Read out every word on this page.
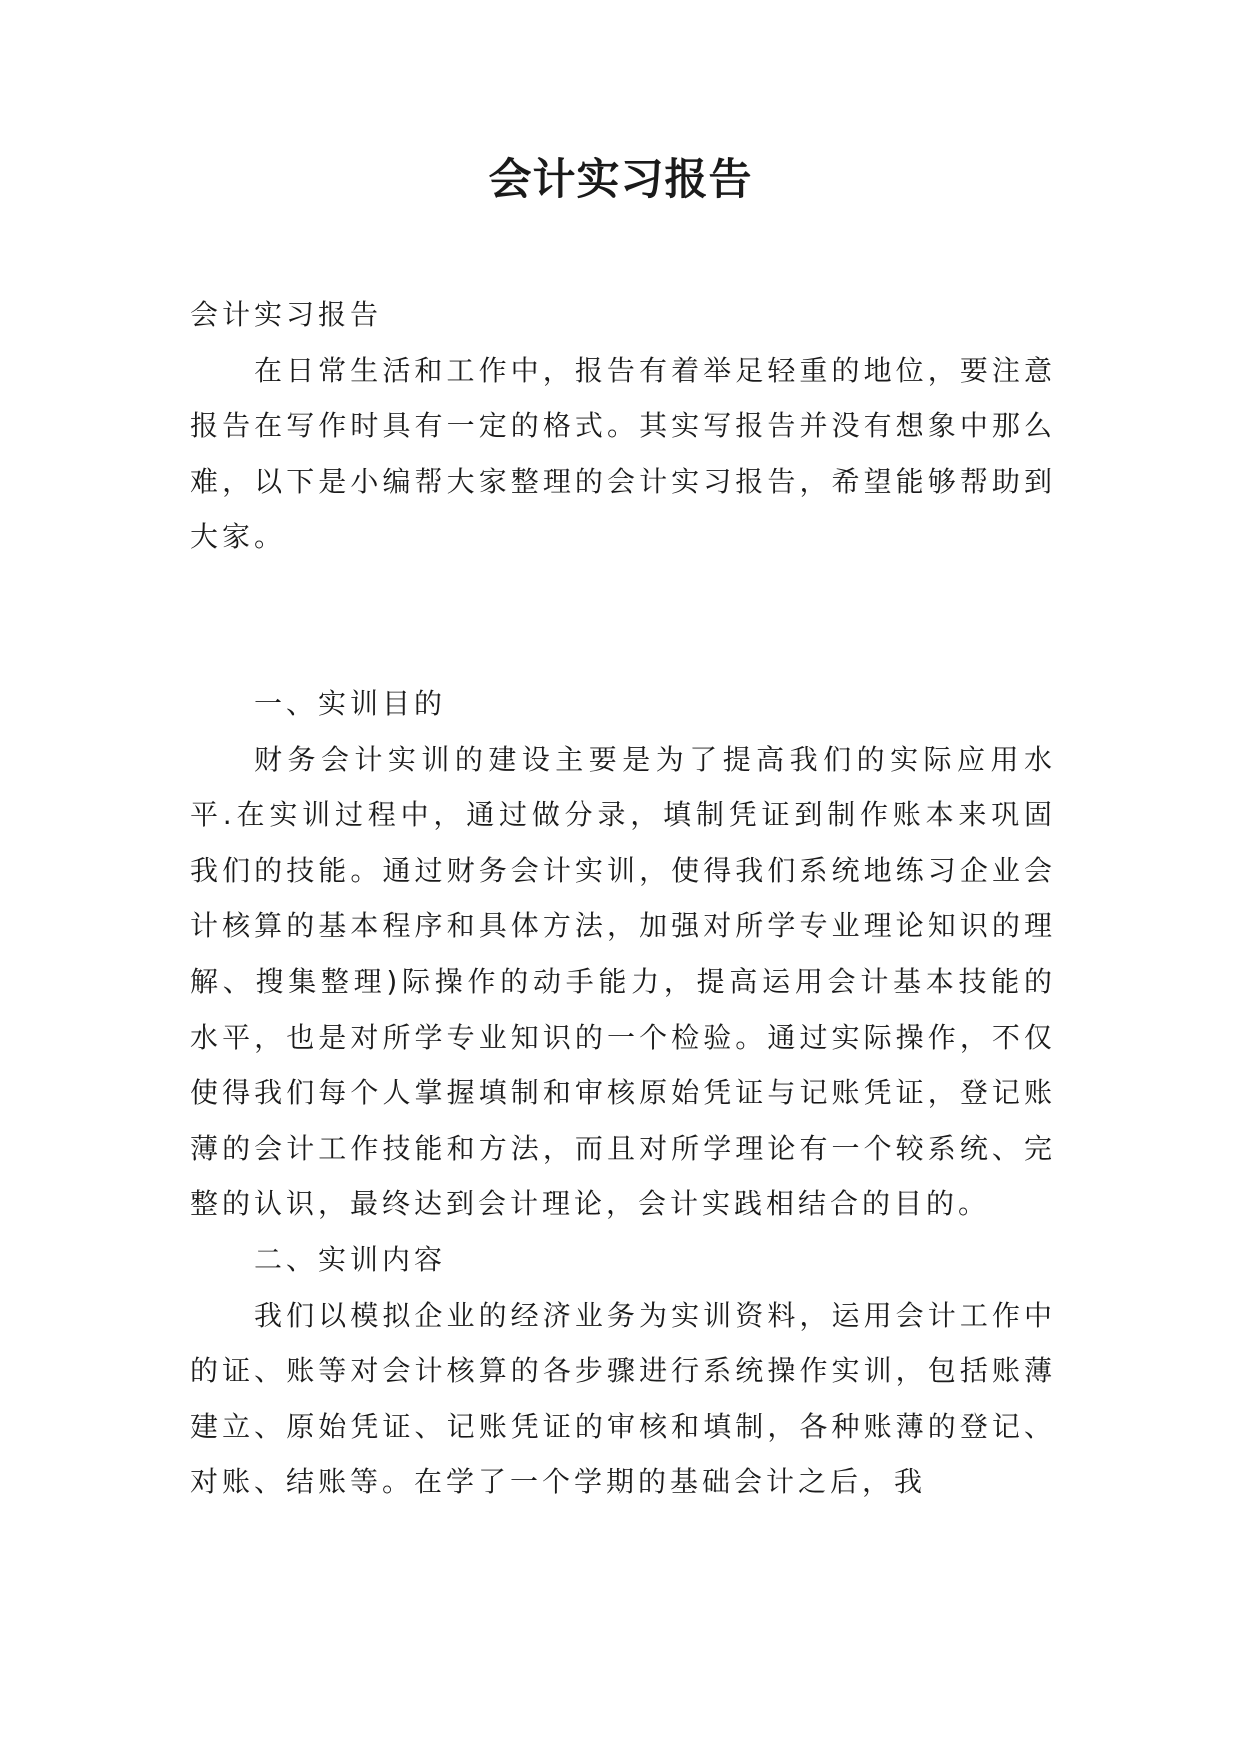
会计实习报告

会计实习报告

在日常生活和工作中，报告有着举足轻重的地位，要注意报告在写作时具有一定的格式。其实写报告并没有想象中那么难，以下是小编帮大家整理的会计实习报告，希望能够帮助到大家。

一、实训目的

财务会计实训的建设主要是为了提高我们的实际应用水平.在实训过程中，通过做分录，填制凭证到制作账本来巩固我们的技能。通过财务会计实训，使得我们系统地练习企业会计核算的基本程序和具体方法，加强对所学专业理论知识的理解、搜集整理)际操作的动手能力，提高运用会计基本技能的水平，也是对所学专业知识的一个检验。通过实际操作，不仅使得我们每个人掌握填制和审核原始凭证与记账凭证，登记账薄的会计工作技能和方法，而且对所学理论有一个较系统、完整的认识，最终达到会计理论，会计实践相结合的目的。

二、实训内容

我们以模拟企业的经济业务为实训资料，运用会计工作中的证、账等对会计核算的各步骤进行系统操作实训，包括账薄建立、原始凭证、记账凭证的审核和填制，各种账薄的登记、对账、结账等。在学了一个学期的基础会计之后，我
